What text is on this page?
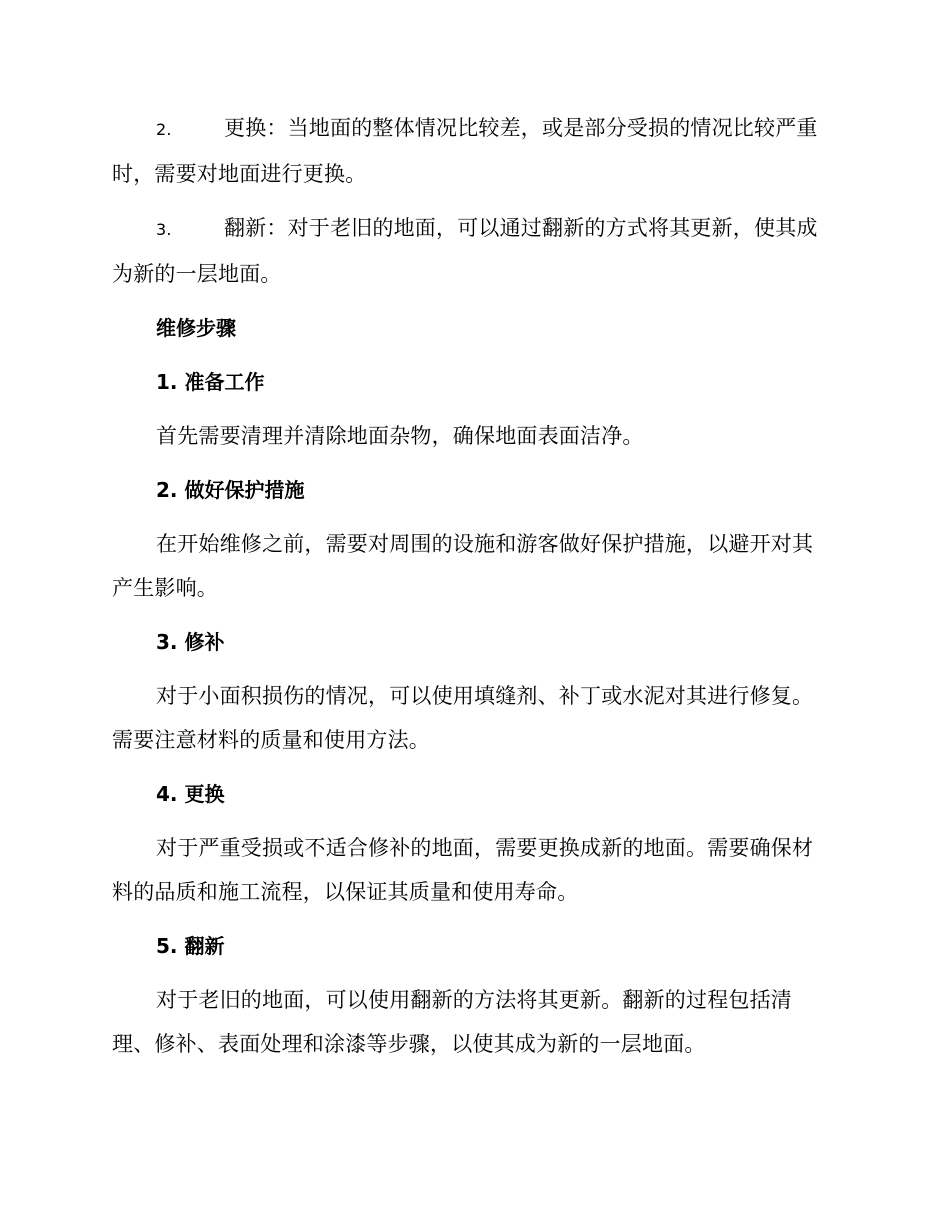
2. 更换：当地面的整体情况比较差，或是部分受损的情况比较严重时，需要对地面进行更换。

3. 翻新：对于老旧的地面，可以通过翻新的方式将其更新，使其成为新的一层地面。

维修步骤

1. 准备工作

首先需要清理并清除地面杂物，确保地面表面洁净。

2. 做好保护措施

在开始维修之前，需要对周围的设施和游客做好保护措施，以避开对其产生影响。

3. 修补

对于小面积损伤的情况，可以使用填缝剂、补丁或水泥对其进行修复。需要注意材料的质量和使用方法。

4. 更换

对于严重受损或不适合修补的地面，需要更换成新的地面。需要确保材料的品质和施工流程，以保证其质量和使用寿命。

5. 翻新

对于老旧的地面，可以使用翻新的方法将其更新。翻新的过程包括清理、修补、表面处理和涂漆等步骤，以使其成为新的一层地面。
